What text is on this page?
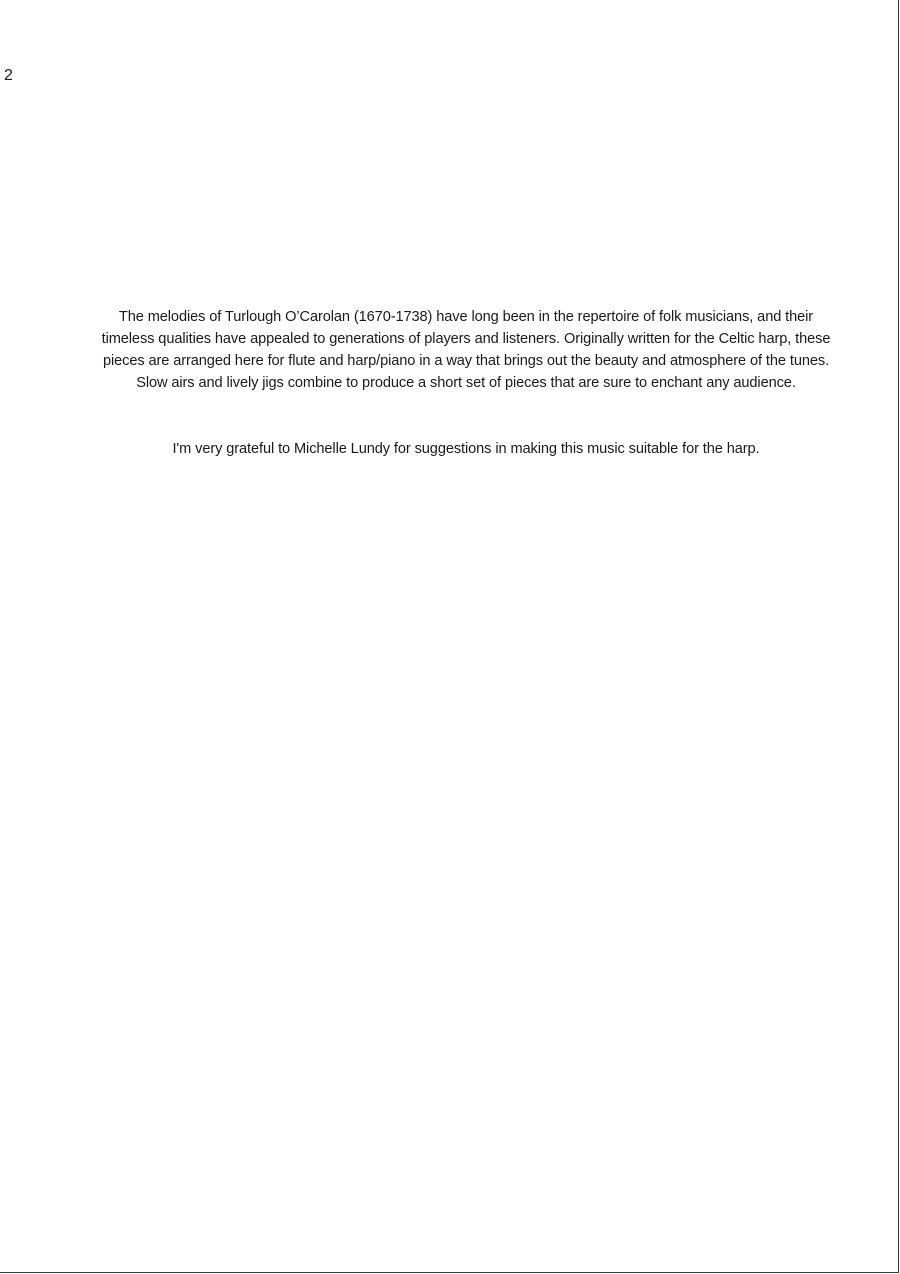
2

The melodies of Turlough O’Carolan (1670-1738) have long been in the repertoire of folk musicians, and their timeless qualities have appealed to generations of players and listeners. Originally written for the Celtic harp, these pieces are arranged here for flute and harp/piano in a way that brings out the beauty and atmosphere of the tunes. Slow airs and lively jigs combine to produce a short set of pieces that are sure to enchant any audience.

I'm very grateful to Michelle Lundy for suggestions in making this music suitable for the harp.
